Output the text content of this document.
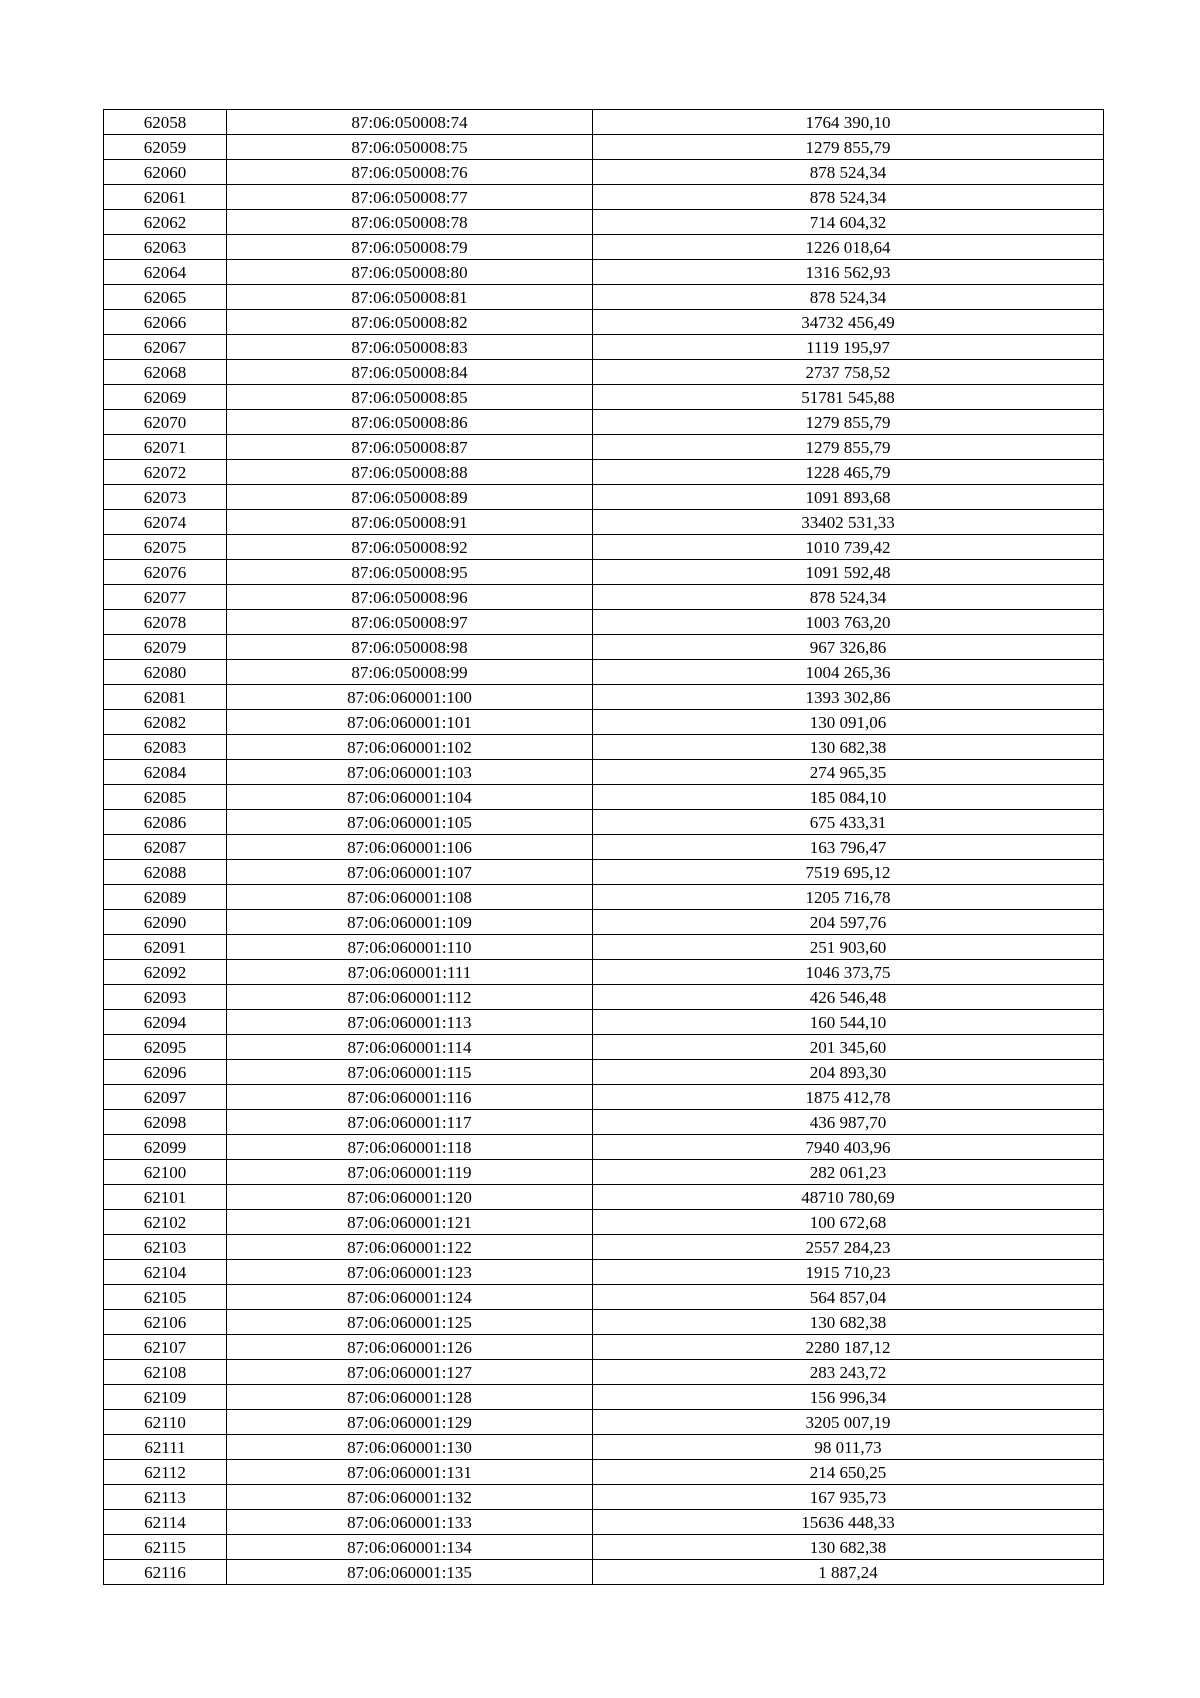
62058	87:06:050008:74	1764 390,10
62059	87:06:050008:75	1279 855,79
62060	87:06:050008:76	878 524,34
62061	87:06:050008:77	878 524,34
62062	87:06:050008:78	714 604,32
62063	87:06:050008:79	1226 018,64
62064	87:06:050008:80	1316 562,93
62065	87:06:050008:81	878 524,34
62066	87:06:050008:82	34732 456,49
62067	87:06:050008:83	1119 195,97
62068	87:06:050008:84	2737 758,52
62069	87:06:050008:85	51781 545,88
62070	87:06:050008:86	1279 855,79
62071	87:06:050008:87	1279 855,79
62072	87:06:050008:88	1228 465,79
62073	87:06:050008:89	1091 893,68
62074	87:06:050008:91	33402 531,33
62075	87:06:050008:92	1010 739,42
62076	87:06:050008:95	1091 592,48
62077	87:06:050008:96	878 524,34
62078	87:06:050008:97	1003 763,20
62079	87:06:050008:98	967 326,86
62080	87:06:050008:99	1004 265,36
62081	87:06:060001:100	1393 302,86
62082	87:06:060001:101	130 091,06
62083	87:06:060001:102	130 682,38
62084	87:06:060001:103	274 965,35
62085	87:06:060001:104	185 084,10
62086	87:06:060001:105	675 433,31
62087	87:06:060001:106	163 796,47
62088	87:06:060001:107	7519 695,12
62089	87:06:060001:108	1205 716,78
62090	87:06:060001:109	204 597,76
62091	87:06:060001:110	251 903,60
62092	87:06:060001:111	1046 373,75
62093	87:06:060001:112	426 546,48
62094	87:06:060001:113	160 544,10
62095	87:06:060001:114	201 345,60
62096	87:06:060001:115	204 893,30
62097	87:06:060001:116	1875 412,78
62098	87:06:060001:117	436 987,70
62099	87:06:060001:118	7940 403,96
62100	87:06:060001:119	282 061,23
62101	87:06:060001:120	48710 780,69
62102	87:06:060001:121	100 672,68
62103	87:06:060001:122	2557 284,23
62104	87:06:060001:123	1915 710,23
62105	87:06:060001:124	564 857,04
62106	87:06:060001:125	130 682,38
62107	87:06:060001:126	2280 187,12
62108	87:06:060001:127	283 243,72
62109	87:06:060001:128	156 996,34
62110	87:06:060001:129	3205 007,19
62111	87:06:060001:130	98 011,73
62112	87:06:060001:131	214 650,25
62113	87:06:060001:132	167 935,73
62114	87:06:060001:133	15636 448,33
62115	87:06:060001:134	130 682,38
62116	87:06:060001:135	1 887,24
